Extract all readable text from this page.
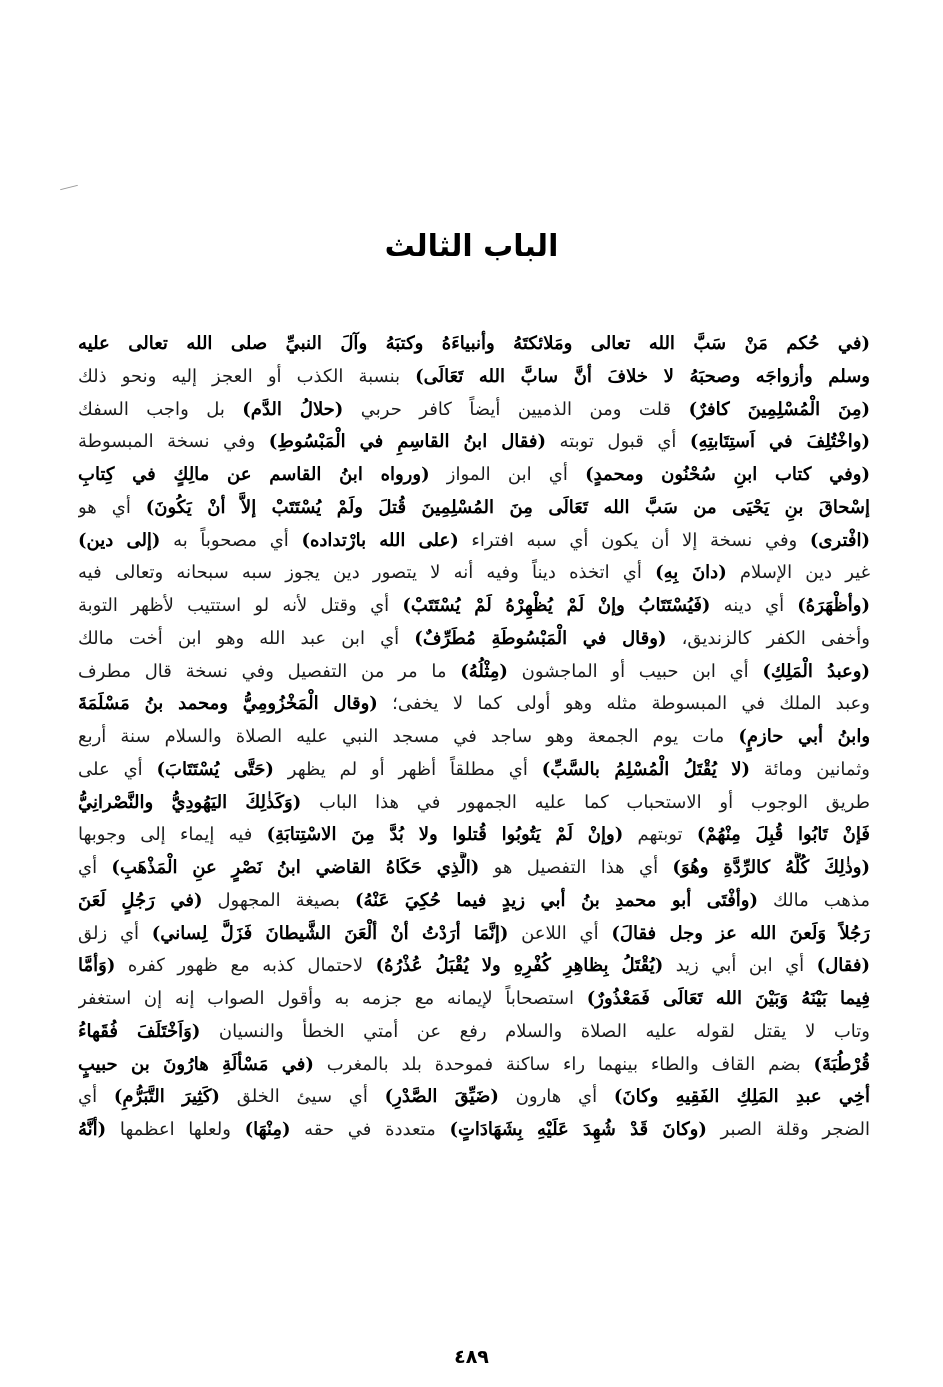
الباب الثالث
(في حُكم مَنْ سَبَّ الله تعالى ومَلائكتَهُ وأنبياءَهُ وكتبَهُ وآلَ النبيِّ صلى الله تعالى عليه
وسلم وأزواجَه وصحبَهُ لا خلافَ أنَّ سابَّ الله تَعَالَى) بنسبة الكذب أو العجز إليه ونحو ذلك
(مِنَ الْمُسْلِمِينَ كافرٌ) قلت ومن الذميين أيضاً كافر حربي (حلالُ الدَّم) بل واجب السفك
(واخْتُلِفَ في اَستِتَابتِهِ) أي قبول توبته (فقال ابنُ القاسِمِ في الْمَبْسُوطِ) وفي نسخة المبسوطة
(وفي كتاب ابنِ سُحْنُون ومحمدٍ) أي ابن المواز (ورواه ابنُ القاسم عن مالِكٍ في كِتابِ
إسْحاقَ بنِ يَحْيَى من سَبَّ الله تَعَالَى مِنَ المُسْلِمِينَ قُتلَ ولَمْ يُسْتَتَبْ إلاَّ أنْ يَكُونَ) أي هو
(افْترى) وفي نسخة إلا أن يكون أي سبه افتراء (على الله بارْتداده) أي مصحوباً به (إلى دين)
غير دين الإسلام (دانَ بِهِ) أي اتخذه ديناً وفيه أنه لا يتصور دين يجوز سبه سبحانه وتعالى فيه
(وأظْهَرَهُ) أي دينه (فَيُسْتَتَابُ وإنْ لَمْ يُظْهِرْهُ لَمْ يُسْتَتَبْ) أي وقتل لأنه لو استتيب لأظهر التوبة
وأخفى الكفر كالزنديق، (وقال في الْمَبْسُوطَةِ مُطَرِّفٌ) أي ابن عبد الله وهو ابن أخت مالك
(وعبدُ الْمَلِكِ) أي ابن حبيب أو الماجشون (مِثْلُهُ) ما مر من التفصيل وفي نسخة قال مطرف
وعبد الملك في المبسوطة مثله وهو أولى كما لا يخفى؛ (وقال الْمَخْزُومِيُّ ومحمد بنُ مَسْلَمَةَ
وابنُ أبي حازمٍ) مات يوم الجمعة وهو ساجد في مسجد النبي عليه الصلاة والسلام سنة أربع
وثمانين ومائة (لا يُقْتَلُ الْمُسْلِمُ بالسَّبِّ) أي مطلقاً أظهر أو لم يظهر (حَتَّى يُسْتَتَابَ) أي على
طريق الوجوب أو الاستحباب كما عليه الجمهور في هذا الباب (وَكَذٰلِكَ اليَهُودِيُّ والنَّصْرانِيُّ
فَإنْ تَابُوا قُبِلَ مِنْهُمْ) توبتهم (وإنْ لَمْ يَتُوبُوا قُتلوا ولا بُدَّ مِنَ الاسْتِتابَةِ) فيه إيماء إلى وجوبها
(وذٰلِكَ كُلُّهُ كالرِّدَّةِ وهُوَ) أي هذا التفصيل هو (الَّذِي حَكَاهُ القاضي ابنُ نَصْرٍ عنِ الْمَذْهَبِ) أي
مذهب مالك (وأفْتَى أبو محمدِ بنُ أبي زيدٍ فيما حُكِيَ عَنْهُ) بصيغة المجهول (في رَجُلٍ لَعَنَ
رَجُلاً وَلَعنَ الله عز وجل فقالَ) أي اللاعن (إنَّمَا أرَدْتُ أنْ ألْعَنَ الشَّيطانَ فَزَلَّ لِساني) أي زلق
(فقال) أي ابن أبي زيد (يُقْتَلُ بِظاهِرِ كُفْرِهِ ولا يُقْبَلُ عُذْرُهُ) لاحتمال كذبه مع ظهور كفره (وَأمَّا
فِيما بَيْنَهُ وَبَيْنَ الله تَعَالَى فَمَعْذُورٌ) استصحاباً لإيمانه مع جزمه به وأقول الصواب إنه إن استغفر
وتاب لا يقتل لقوله عليه الصلاة والسلام رفع عن أمتي الخطأ والنسيان (وَاَخْتَلَفَ فُقَهاءُ
قُرْطُبَةَ) بضم القاف والطاء بينهما راء ساكنة فموحدة بلد بالمغرب (في مَسْألَةِ هارُونَ بن حبيبٍ
أخِي عبدِ المَلِكِ الفَقِيهِ وكانَ) أي هارون (ضَيِّقَ الصَّدْرِ) أي سيئ الخلق (كَثِيرَ التَّبَرُّمِ) أي
الضجر وقلة الصبر (وكانَ قَدْ شُهِدَ عَلَيْهِ بِشَهَادَاتٍ) متعددة في حقه (مِنْهَا) ولعلها اعظمها (أنَّهُ
٤٨٩
